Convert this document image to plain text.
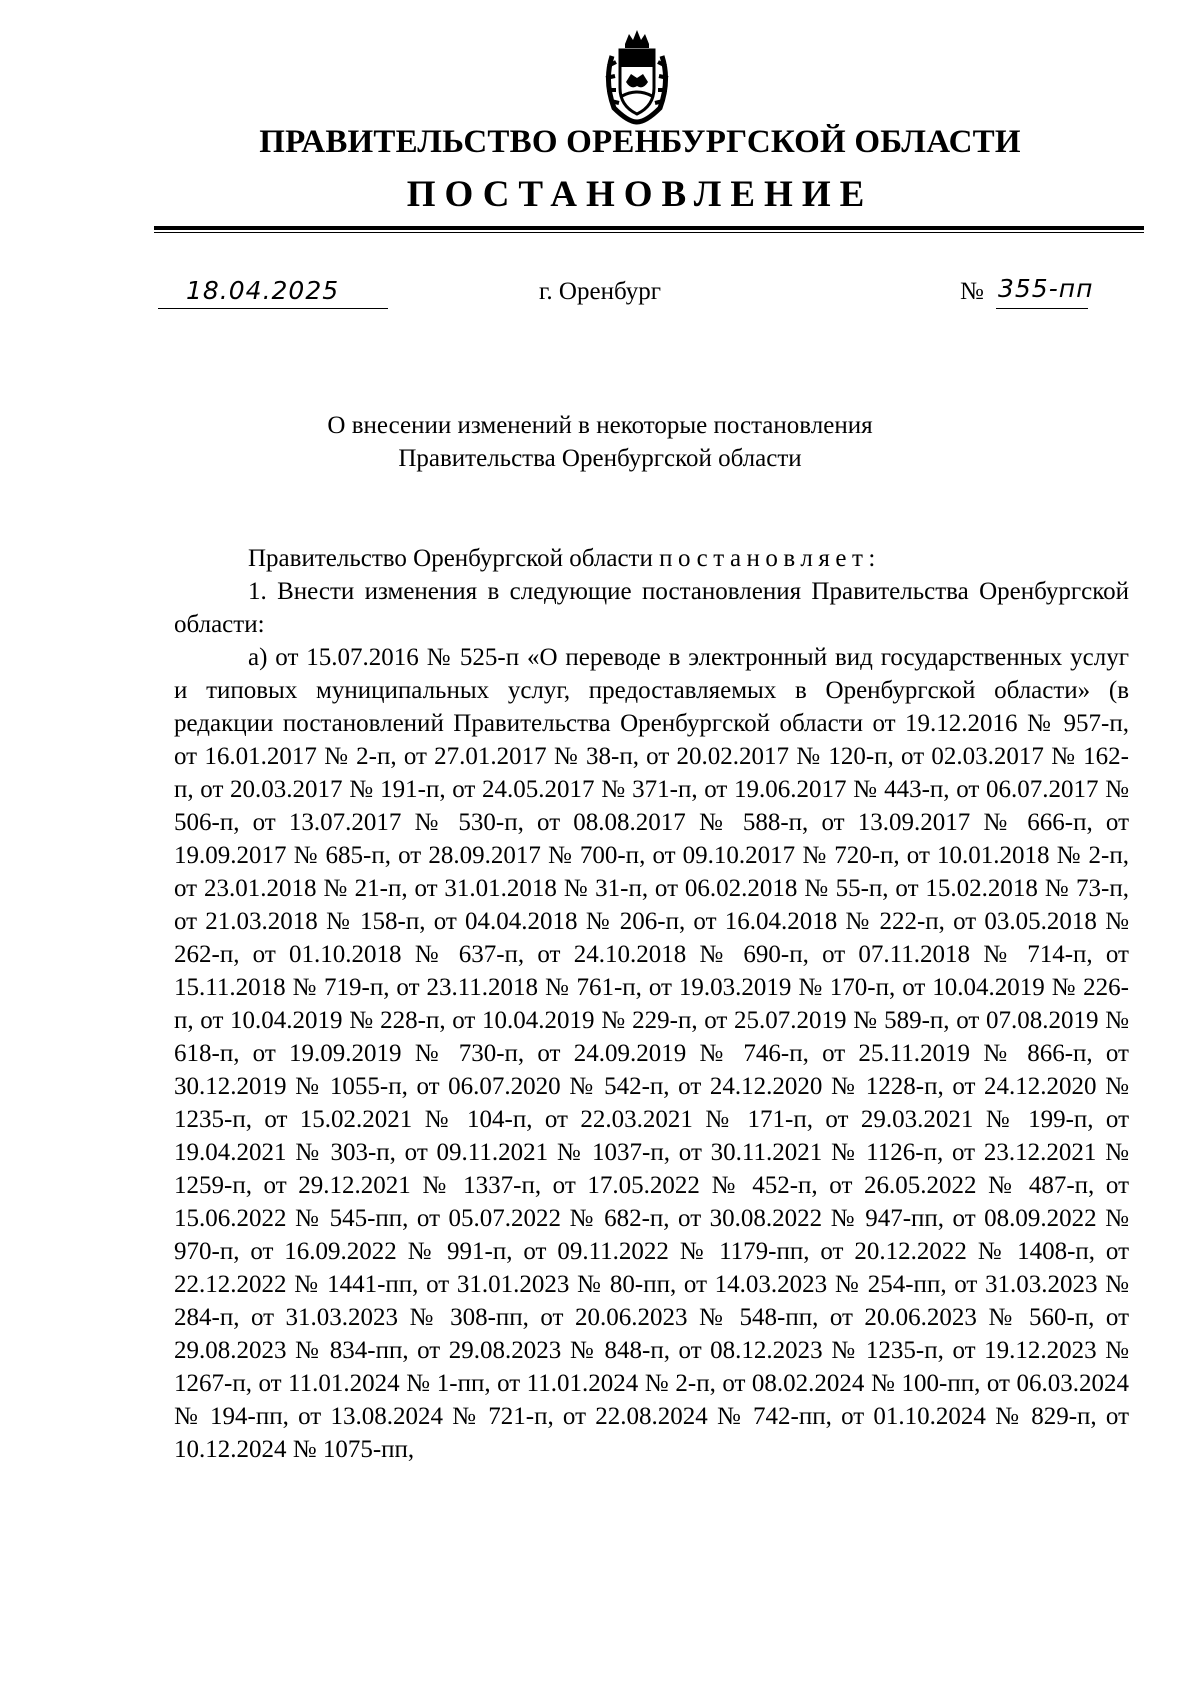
ПРАВИТЕЛЬСТВО ОРЕНБУРГСКОЙ ОБЛАСТИ
ПОСТАНОВЛЕНИЕ
18.04.2025	г. Оренбург	№ 355-пп
О внесении изменений в некоторые постановления
Правительства Оренбургской области

Правительство Оренбургской области постановляет:

1. Внести изменения в следующие постановления Правительства Оренбургской области:

а) от 15.07.2016 № 525-п «О переводе в электронный вид государственных услуг и типовых муниципальных услуг, предоставляемых в Оренбургской области» (в редакции постановлений Правительства Оренбургской области от 19.12.2016 № 957-п, от 16.01.2017 № 2-п, от 27.01.2017 № 38-п, от 20.02.2017 № 120-п, от 02.03.2017 № 162-п, от 20.03.2017 № 191-п, от 24.05.2017 № 371-п, от 19.06.2017 № 443-п, от 06.07.2017 № 506-п, от 13.07.2017 № 530-п, от 08.08.2017 № 588-п, от 13.09.2017 № 666-п, от 19.09.2017 № 685-п, от 28.09.2017 № 700-п, от 09.10.2017 № 720-п, от 10.01.2018 № 2-п, от 23.01.2018 № 21-п, от 31.01.2018 № 31-п, от 06.02.2018 № 55-п, от 15.02.2018 № 73-п, от 21.03.2018 № 158-п, от 04.04.2018 № 206-п, от 16.04.2018 № 222-п, от 03.05.2018 № 262-п, от 01.10.2018 № 637-п, от 24.10.2018 № 690-п, от 07.11.2018 № 714-п, от 15.11.2018 № 719-п, от 23.11.2018 № 761-п, от 19.03.2019 № 170-п, от 10.04.2019 № 226-п, от 10.04.2019 № 228-п, от 10.04.2019 № 229-п, от 25.07.2019 № 589-п, от 07.08.2019 № 618-п, от 19.09.2019 № 730-п, от 24.09.2019 № 746-п, от 25.11.2019 № 866-п, от 30.12.2019 № 1055-п, от 06.07.2020 № 542-п, от 24.12.2020 № 1228-п, от 24.12.2020 № 1235-п, от 15.02.2021 № 104-п, от 22.03.2021 № 171-п, от 29.03.2021 № 199-п, от 19.04.2021 № 303-п, от 09.11.2021 № 1037-п, от 30.11.2021 № 1126-п, от 23.12.2021 № 1259-п, от 29.12.2021 № 1337-п, от 17.05.2022 № 452-п, от 26.05.2022 № 487-п, от 15.06.2022 № 545-пп, от 05.07.2022 № 682-п, от 30.08.2022 № 947-пп, от 08.09.2022 № 970-п, от 16.09.2022 № 991-п, от 09.11.2022 № 1179-пп, от 20.12.2022 № 1408-п, от 22.12.2022 № 1441-пп, от 31.01.2023 № 80-пп, от 14.03.2023 № 254-пп, от 31.03.2023 № 284-п, от 31.03.2023 № 308-пп, от 20.06.2023 № 548-пп, от 20.06.2023 № 560-п, от 29.08.2023 № 834-пп, от 29.08.2023 № 848-п, от 08.12.2023 № 1235-п, от 19.12.2023 № 1267-п, от 11.01.2024 № 1-пп, от 11.01.2024 № 2-п, от 08.02.2024 № 100-пп, от 06.03.2024 № 194-пп, от 13.08.2024 № 721-п, от 22.08.2024 № 742-пп, от 01.10.2024 № 829-п, от 10.12.2024 № 1075-пп,
